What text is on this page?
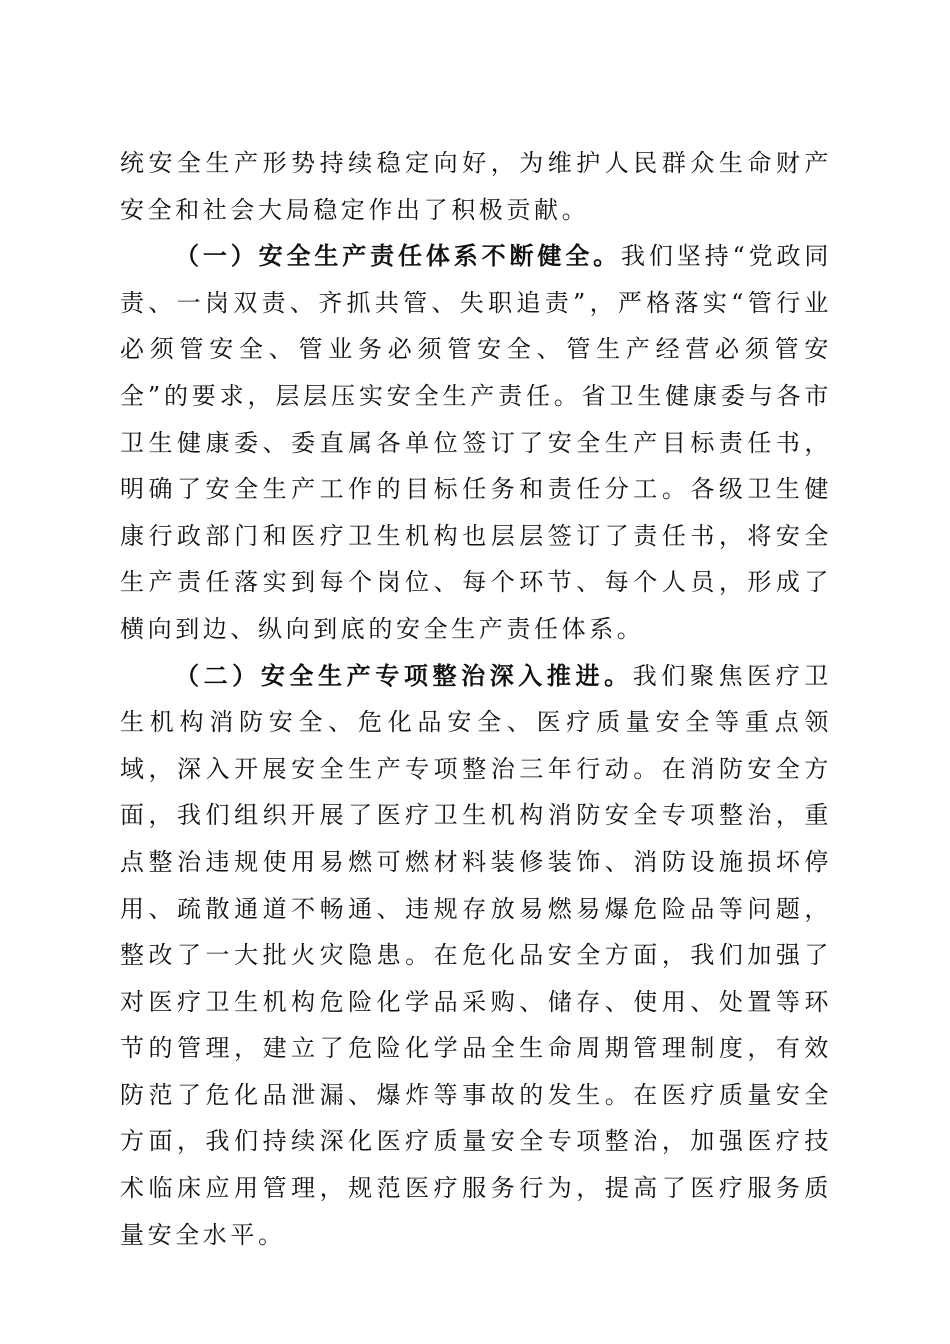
统安全生产形势持续稳定向好，为维护人民群众生命财产安全和社会大局稳定作出了积极贡献。

（一）安全生产责任体系不断健全。我们坚持“党政同责、一岗双责、齐抓共管、失职追责”，严格落实“管行业必须管安全、管业务必须管安全、管生产经营必须管安全”的要求，层层压实安全生产责任。省卫生健康委与各市卫生健康委、委直属各单位签订了安全生产目标责任书，明确了安全生产工作的目标任务和责任分工。各级卫生健康行政部门和医疗卫生机构也层层签订了责任书，将安全生产责任落实到每个岗位、每个环节、每个人员，形成了横向到边、纵向到底的安全生产责任体系。

（二）安全生产专项整治深入推进。我们聚焦医疗卫生机构消防安全、危化品安全、医疗质量安全等重点领域，深入开展安全生产专项整治三年行动。在消防安全方面，我们组织开展了医疗卫生机构消防安全专项整治，重点整治违规使用易燃可燃材料装修装饰、消防设施损坏停用、疏散通道不畅通、违规存放易燃易爆危险品等问题，整改了一大批火灾隐患。在危化品安全方面，我们加强了对医疗卫生机构危险化学品采购、储存、使用、处置等环节的管理，建立了危险化学品全生命周期管理制度，有效防范了危化品泄漏、爆炸等事故的发生。在医疗质量安全方面，我们持续深化医疗质量安全专项整治，加强医疗技术临床应用管理，规范医疗服务行为，提高了医疗服务质量安全水平。
